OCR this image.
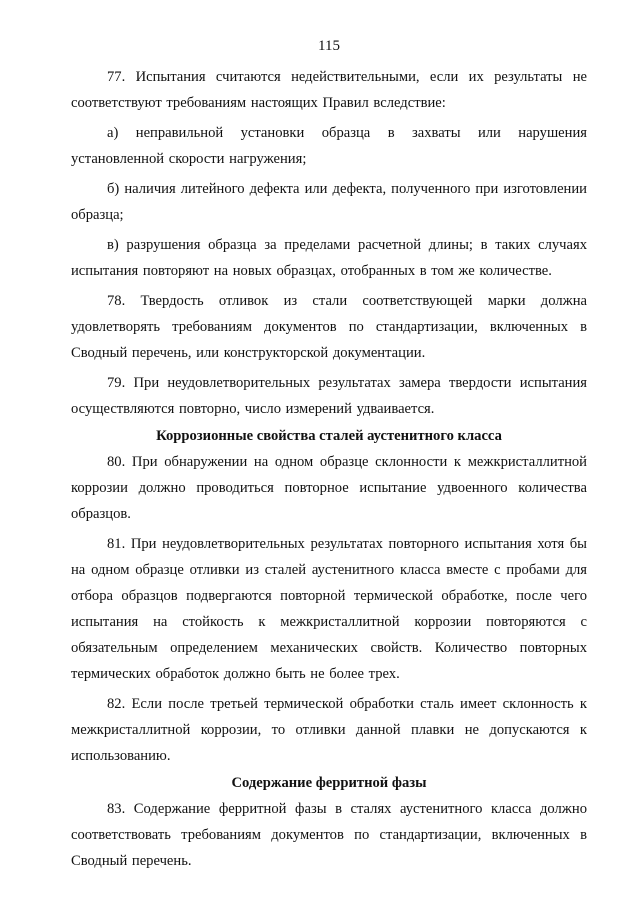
115

77. Испытания считаются недействительными, если их результаты не соответствуют требованиям настоящих Правил вследствие:

а) неправильной установки образца в захваты или нарушения установленной скорости нагружения;

б) наличия литейного дефекта или дефекта, полученного при изготовлении образца;

в) разрушения образца за пределами расчетной длины; в таких случаях испытания повторяют на новых образцах, отобранных в том же количестве.

78. Твердость отливок из стали соответствующей марки должна удовлетворять требованиям документов по стандартизации, включенных в Сводный перечень, или конструкторской документации.

79. При неудовлетворительных результатах замера твердости испытания осуществляются повторно, число измерений удваивается.

Коррозионные свойства сталей аустенитного класса

80. При обнаружении на одном образце склонности к межкристаллитной коррозии должно проводиться повторное испытание удвоенного количества образцов.

81. При неудовлетворительных результатах повторного испытания хотя бы на одном образце отливки из сталей аустенитного класса вместе с пробами для отбора образцов подвергаются повторной термической обработке, после чего испытания на стойкость к межкристаллитной коррозии повторяются с обязательным определением механических свойств. Количество повторных термических обработок должно быть не более трех.

82. Если после третьей термической обработки сталь имеет склонность к межкристаллитной коррозии, то отливки данной плавки не допускаются к использованию.

Содержание ферритной фазы

83. Содержание ферритной фазы в сталях аустенитного класса должно соответствовать требованиям документов по стандартизации, включенных в Сводный перечень.
